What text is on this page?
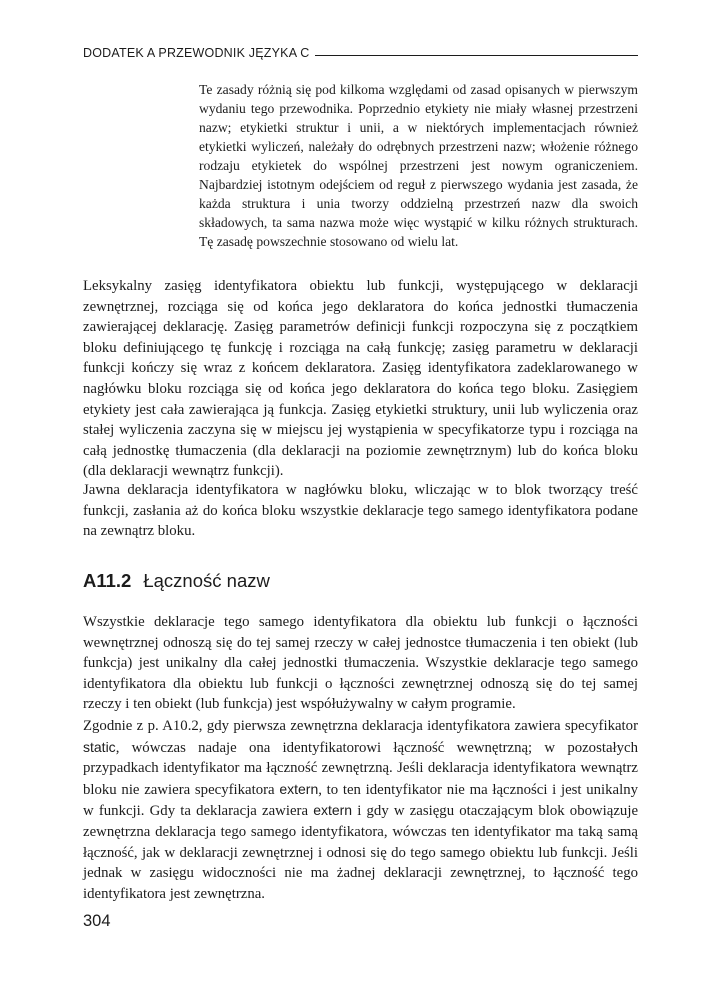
DODATEK A PRZEWODNIK JĘZYKA C

Te zasady różnią się pod kilkoma względami od zasad opisanych w pierwszym wydaniu tego przewodnika. Poprzednio etykiety nie miały własnej przestrzeni nazw; etykietki struktur i unii, a w niektórych implementacjach również etykietki wyliczeń, należały do odrębnych przestrzeni nazw; włożenie różnego rodzaju etykietek do wspólnej przestrzeni jest nowym ograniczeniem. Najbardziej istotnym odejściem od reguł z pierwszego wydania jest zasada, że każda struktura i unia tworzy oddzielną przestrzeń nazw dla swoich składowych, ta sama nazwa może więc wystąpić w kilku różnych strukturach. Tę zasadę powszechnie stosowano od wielu lat.

Leksykalny zasięg identyfikatora obiektu lub funkcji, występującego w deklaracji zewnętrznej, rozciąga się od końca jego deklaratora do końca jednostki tłumaczenia zawierającej deklarację. Zasięg parametrów definicji funkcji rozpoczyna się z początkiem bloku definiującego tę funkcję i rozciąga na całą funkcję; zasięg parametru w deklaracji funkcji kończy się wraz z końcem deklaratora. Zasięg identyfikatora zadeklarowanego w nagłówku bloku rozciąga się od końca jego deklaratora do końca tego bloku. Zasięgiem etykiety jest cała zawierająca ją funkcja. Zasięg etykietki struktury, unii lub wyliczenia oraz stałej wyliczenia zaczyna się w miejscu jej wystąpienia w specyfikatorze typu i rozciąga na całą jednostkę tłumaczenia (dla deklaracji na poziomie zewnętrznym) lub do końca bloku (dla deklaracji wewnątrz funkcji).

Jawna deklaracja identyfikatora w nagłówku bloku, wliczając w to blok tworzący treść funkcji, zasłania aż do końca bloku wszystkie deklaracje tego samego identyfikatora podane na zewnątrz bloku.

A11.2 Łączność nazw

Wszystkie deklaracje tego samego identyfikatora dla obiektu lub funkcji o łączności wewnętrznej odnoszą się do tej samej rzeczy w całej jednostce tłumaczenia i ten obiekt (lub funkcja) jest unikalny dla całej jednostki tłumaczenia. Wszystkie deklaracje tego samego identyfikatora dla obiektu lub funkcji o łączności zewnętrznej odnoszą się do tej samej rzeczy i ten obiekt (lub funkcja) jest współużywalny w całym programie.

Zgodnie z p. A10.2, gdy pierwsza zewnętrzna deklaracja identyfikatora zawiera specyfikator static, wówczas nadaje ona identyfikatorowi łączność wewnętrzną; w pozostałych przypadkach identyfikator ma łączność zewnętrzną. Jeśli deklaracja identyfikatora wewnątrz bloku nie zawiera specyfikatora extern, to ten identyfikator nie ma łączności i jest unikalny w funkcji. Gdy ta deklaracja zawiera extern i gdy w zasięgu otaczającym blok obowiązuje zewnętrzna deklaracja tego samego identyfikatora, wówczas ten identyfikator ma taką samą łączność, jak w deklaracji zewnętrznej i odnosi się do tego samego obiektu lub funkcji. Jeśli jednak w zasięgu widoczności nie ma żadnej deklaracji zewnętrznej, to łączność tego identyfikatora jest zewnętrzna.

304
